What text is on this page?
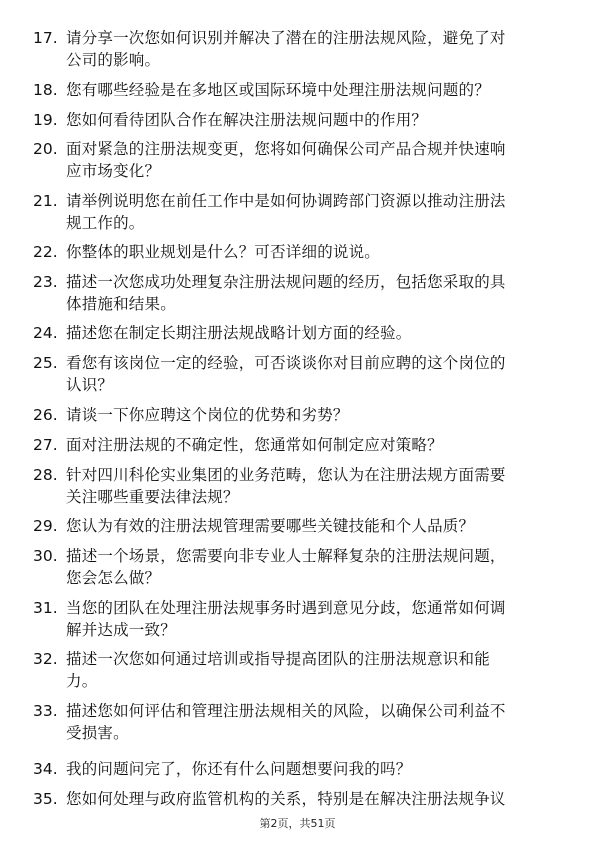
17. 请分享一次您如何识别并解决了潜在的注册法规风险，避免了对
公司的影响。
18. 您有哪些经验是在多地区或国际环境中处理注册法规问题的？
19. 您如何看待团队合作在解决注册法规问题中的作用？
20. 面对紧急的注册法规变更，您将如何确保公司产品合规并快速响
应市场变化？
21. 请举例说明您在前任工作中是如何协调跨部门资源以推动注册法
规工作的。
22. 你整体的职业规划是什么？可否详细的说说。
23. 描述一次您成功处理复杂注册法规问题的经历，包括您采取的具
体措施和结果。
24. 描述您在制定长期注册法规战略计划方面的经验。
25. 看您有该岗位一定的经验，可否谈谈你对目前应聘的这个岗位的
认识？
26. 请谈一下你应聘这个岗位的优势和劣势？
27. 面对注册法规的不确定性，您通常如何制定应对策略？
28. 针对四川科伦实业集团的业务范畴，您认为在注册法规方面需要
关注哪些重要法律法规？
29. 您认为有效的注册法规管理需要哪些关键技能和个人品质？
30. 描述一个场景，您需要向非专业人士解释复杂的注册法规问题，
您会怎么做？
31. 当您的团队在处理注册法规事务时遇到意见分歧，您通常如何调
解并达成一致？
32. 描述一次您如何通过培训或指导提高团队的注册法规意识和能
力。
33. 描述您如何评估和管理注册法规相关的风险，以确保公司利益不
受损害。
34. 我的问题问完了，你还有什么问题想要问我的吗？
35. 您如何处理与政府监管机构的关系，特别是在解决注册法规争议
第2页，共51页
